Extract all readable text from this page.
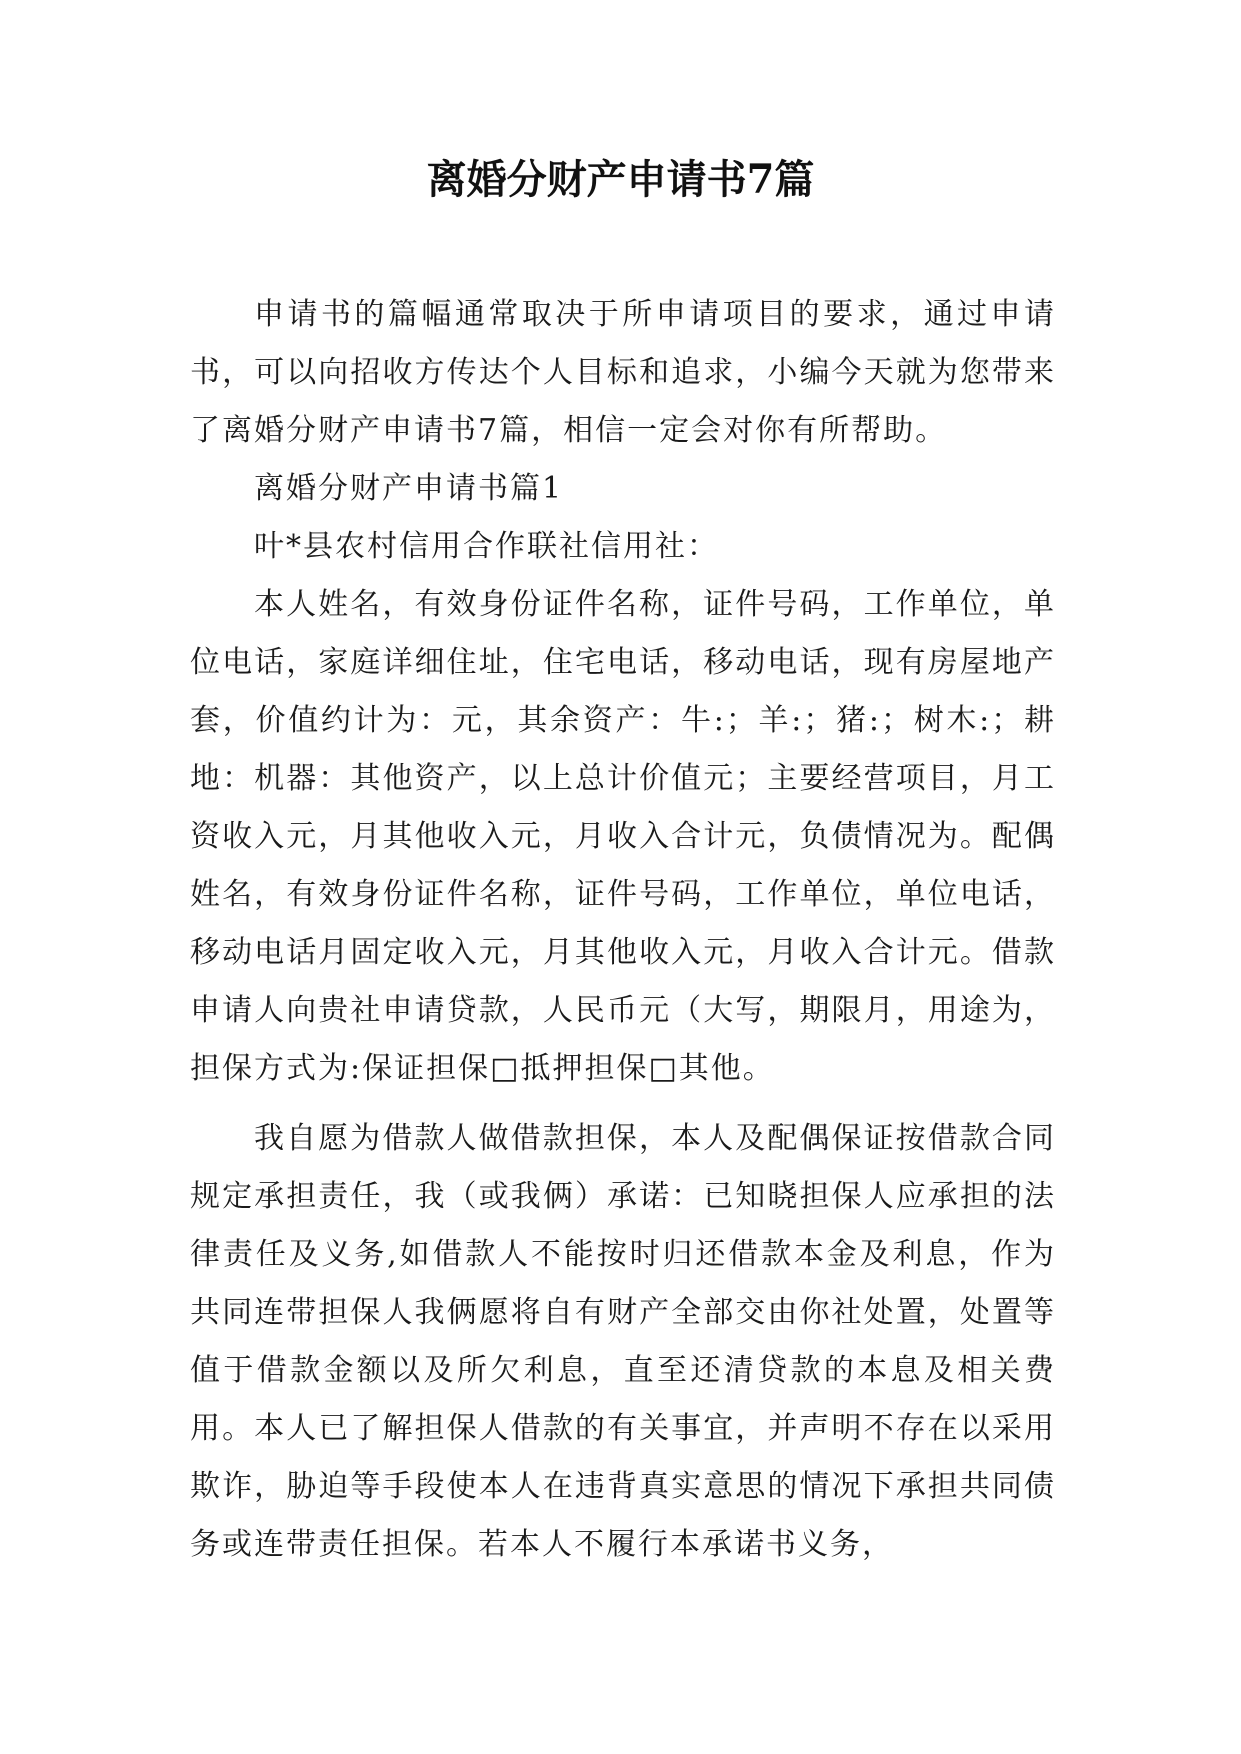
离婚分财产申请书7篇

申请书的篇幅通常取决于所申请项目的要求，通过申请书，可以向招收方传达个人目标和追求，小编今天就为您带来了离婚分财产申请书7篇，相信一定会对你有所帮助。

离婚分财产申请书篇1

叶*县农村信用合作联社信用社：

本人姓名，有效身份证件名称，证件号码，工作单位，单位电话，家庭详细住址，住宅电话，移动电话，现有房屋地产套，价值约计为：元，其余资产：牛:；羊:；猪:；树木:；耕地：机器：其他资产，以上总计价值元；主要经营项目，月工资收入元，月其他收入元，月收入合计元，负债情况为。配偶姓名，有效身份证件名称，证件号码，工作单位，单位电话，移动电话月固定收入元，月其他收入元，月收入合计元。借款申请人向贵社申请贷款，人民币元（大写，期限月，用途为，担保方式为:保证担保□抵押担保□其他。

我自愿为借款人做借款担保，本人及配偶保证按借款合同规定承担责任，我（或我俩）承诺：已知晓担保人应承担的法律责任及义务,如借款人不能按时归还借款本金及利息，作为共同连带担保人我俩愿将自有财产全部交由你社处置，处置等值于借款金额以及所欠利息，直至还清贷款的本息及相关费用。本人已了解担保人借款的有关事宜，并声明不存在以采用欺诈，胁迫等手段使本人在违背真实意思的情况下承担共同债务或连带责任担保。若本人不履行本承诺书义务，
